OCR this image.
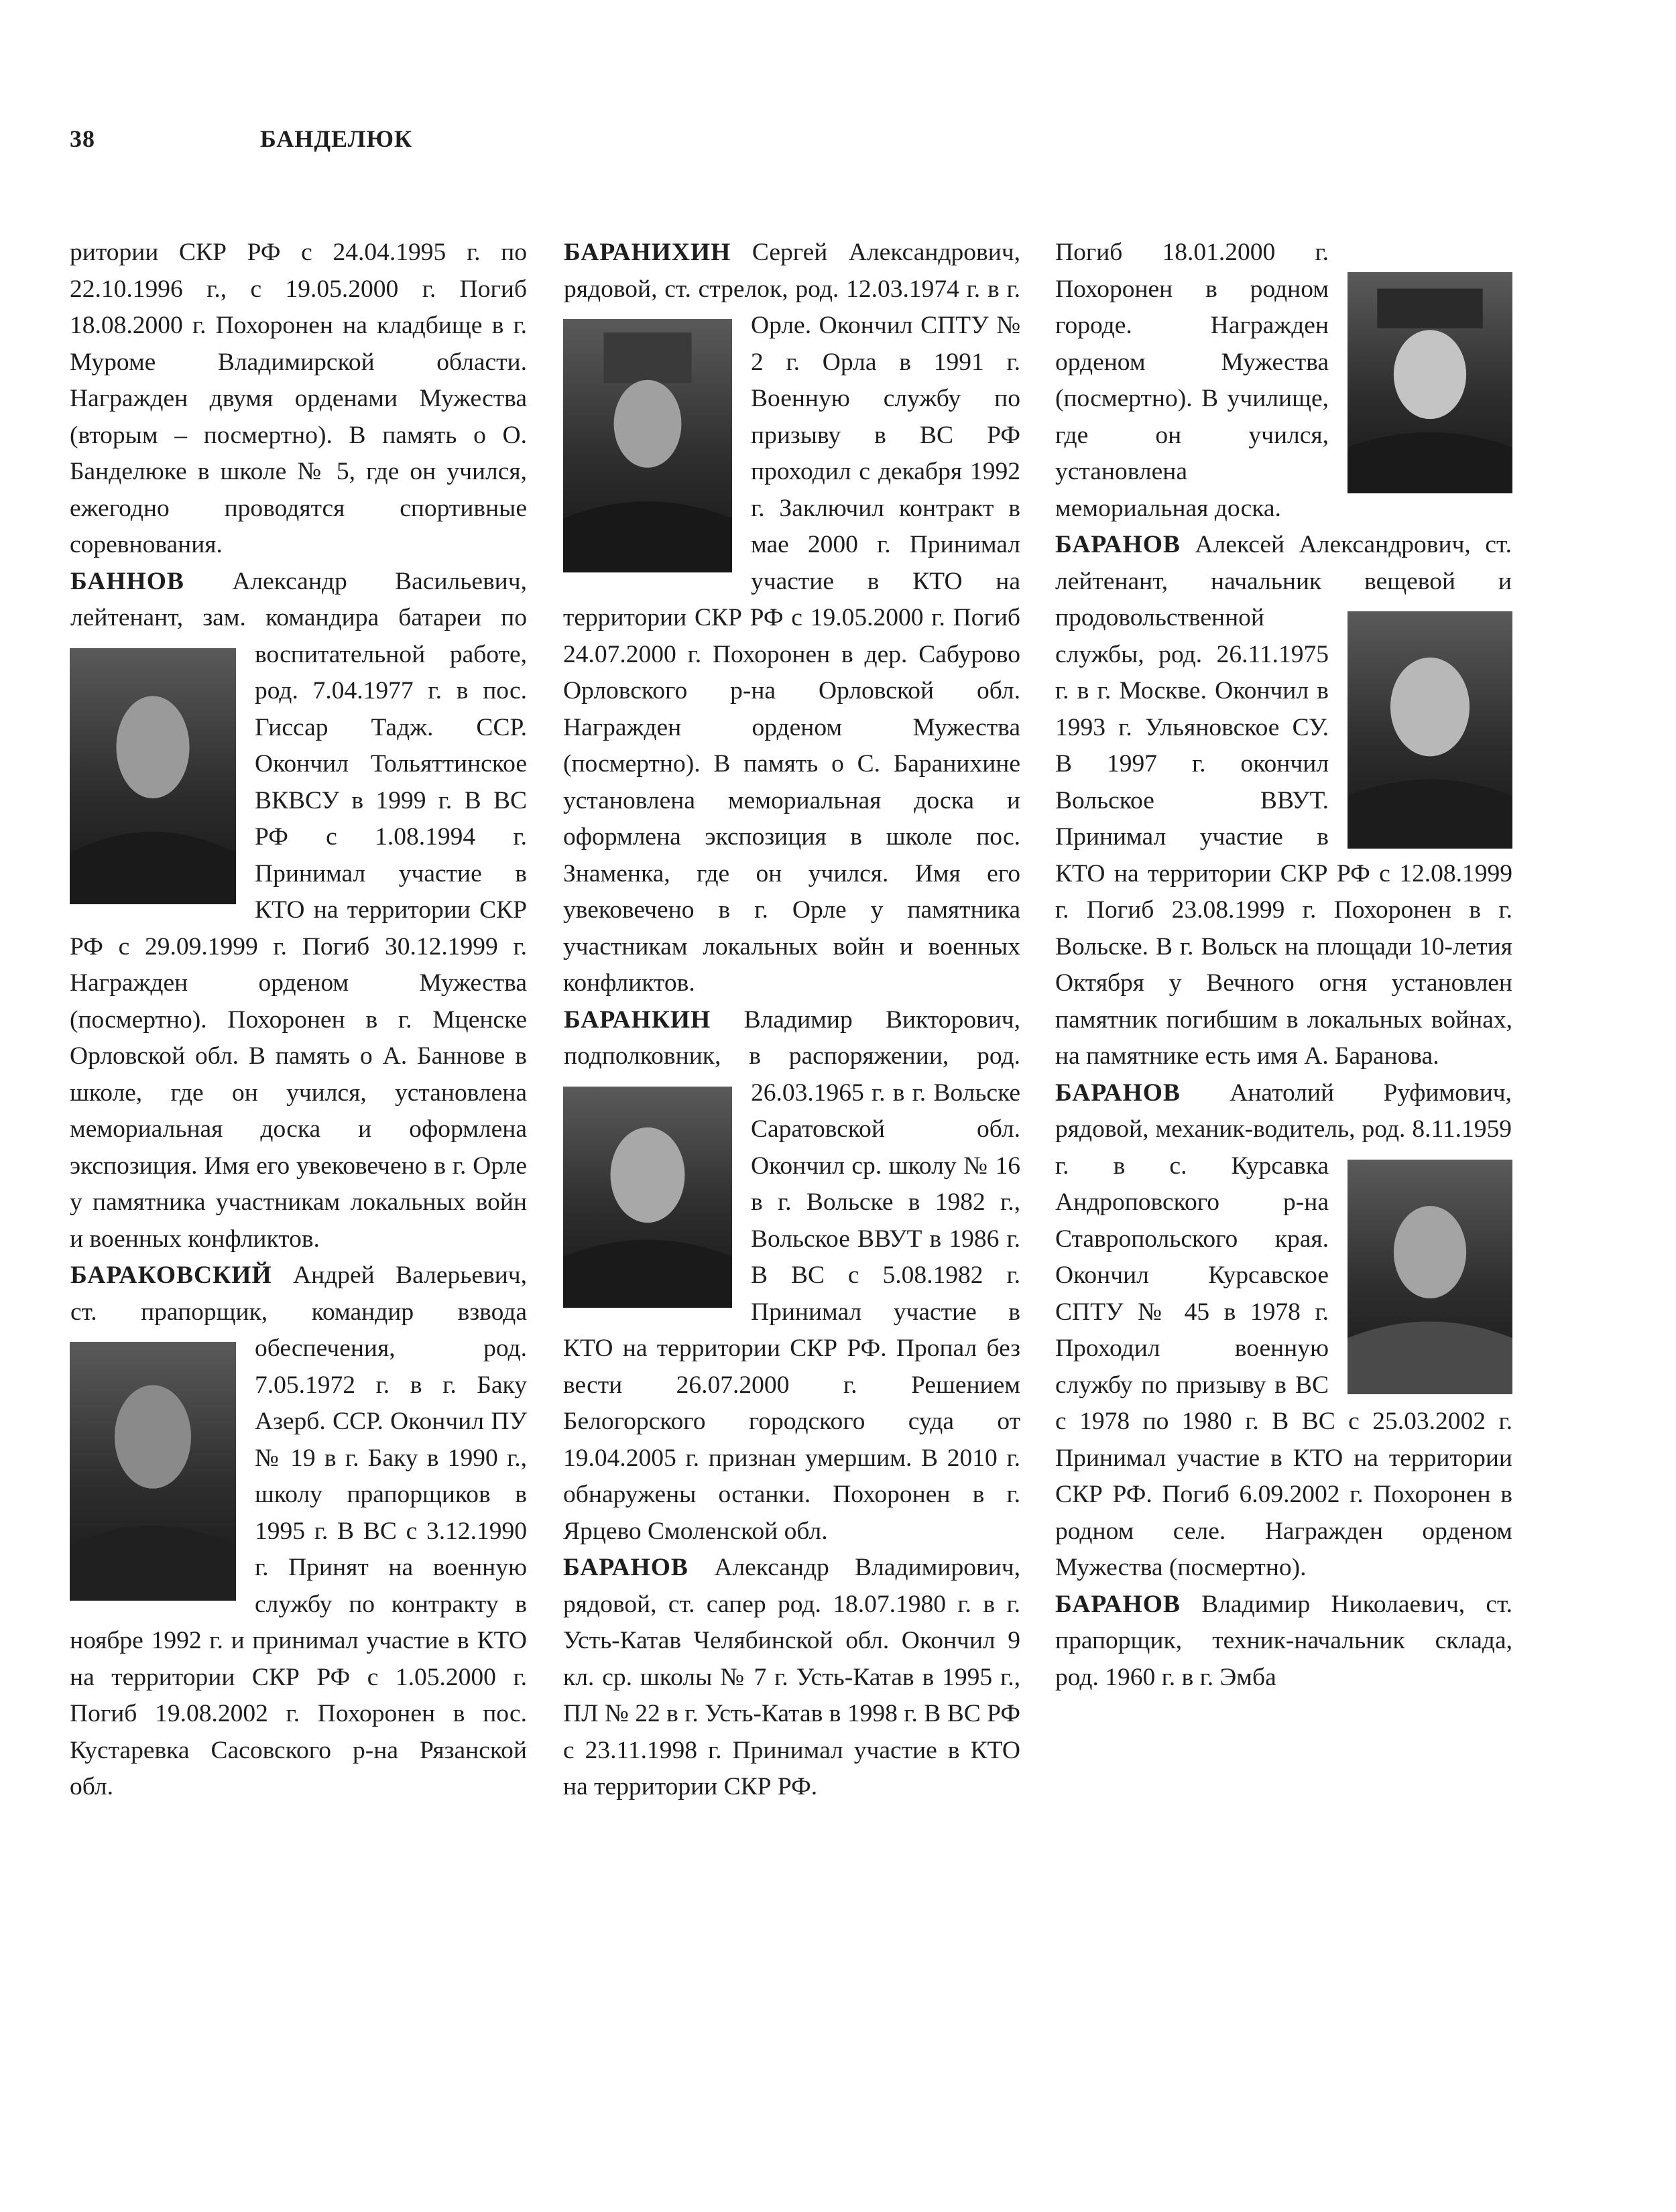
38	БАНДЕЛЮК

ритории СКР РФ с 24.04.1995 г. по 22.10.1996 г., с 19.05.2000 г. Погиб 18.08.2000 г. Похоронен на кладбище в г. Муроме Владимирской области. Награжден двумя орденами Мужества (вторым – посмертно). В память о О. Банделюке в школе № 5, где он учился, ежегодно проводятся спортивные соревнования.

БАННОВ Александр Васильевич, лейтенант, зам. командира батареи по воспитательной работе, род. 7.04.1977 г. в пос. Гиссар Тадж. ССР. Окончил Тольяттинское ВКВСУ в 1999 г. В ВС РФ с 1.08.1994 г. Принимал участие в КТО на территории СКР РФ с 29.09.1999 г. Погиб 30.12.1999 г. Награжден орденом Мужества (посмертно). Похоронен в г. Мценске Орловской обл. В память о А. Баннове в школе, где он учился, установлена мемориальная доска и оформлена экспозиция. Имя его увековечено в г. Орле у памятника участникам локальных войн и военных конфликтов.

БАРАКОВСКИЙ Андрей Валерьевич, ст. прапорщик, командир взвода обеспечения, род. 7.05.1972 г. в г. Баку Азерб. ССР. Окончил ПУ № 19 в г. Баку в 1990 г., школу прапорщиков в 1995 г. В ВС с 3.12.1990 г. Принят на военную службу по контракту в ноябре 1992 г. и принимал участие в КТО на территории СКР РФ с 1.05.2000 г. Погиб 19.08.2002 г. Похоронен в пос. Кустаревка Сасовского р-на Рязанской обл.

БАРАНИХИН Сергей Александрович, рядовой, ст. стрелок, род. 12.03.1974 г. в г. Орле. Окончил СПТУ № 2 г. Орла в 1991 г. Военную службу по призыву в ВС РФ проходил с декабря 1992 г. Заключил контракт в мае 2000 г. Принимал участие в КТО на территории СКР РФ с 19.05.2000 г. Погиб 24.07.2000 г. Похоронен в дер. Сабурово Орловского р-на Орловской обл. Награжден орденом Мужества (посмертно). В память о С. Баранихине установлена мемориальная доска и оформлена экспозиция в школе пос. Знаменка, где он учился. Имя его увековечено в г. Орле у памятника участникам локальных войн и военных конфликтов.

БАРАНКИН Владимир Викторович, подполковник, в распоряжении, род. 26.03.1965 г. в г. Вольске Саратовской обл. Окончил ср. школу № 16 в г. Вольске в 1982 г., Вольское ВВУТ в 1986 г. В ВС с 5.08.1982 г. Принимал участие в КТО на территории СКР РФ. Пропал без вести 26.07.2000 г. Решением Белогорского городского суда от 19.04.2005 г. признан умершим. В 2010 г. обнаружены останки. Похоронен в г. Ярцево Смоленской обл.

БАРАНОВ Александр Владимирович, рядовой, ст. сапер род. 18.07.1980 г. в г. Усть-Катав Челябинской обл. Окончил 9 кл. ср. школы № 7 г. Усть-Катав в 1995 г., ПЛ № 22 в г. Усть-Катав в 1998 г. В ВС РФ с 23.11.1998 г. Принимал участие в КТО на территории СКР РФ.

Погиб 18.01.2000 г. Похоронен в родном городе. Награжден орденом Мужества (посмертно). В училище, где он учился, установлена мемориальная доска.

БАРАНОВ Алексей Александрович, ст. лейтенант, начальник вещевой и продовольственной службы, род. 26.11.1975 г. в г. Москве. Окончил в 1993 г. Ульяновское СУ. В 1997 г. окончил Вольское ВВУТ. Принимал участие в КТО на территории СКР РФ с 12.08.1999 г. Погиб 23.08.1999 г. Похоронен в г. Вольске. В г. Вольск на площади 10-летия Октября у Вечного огня установлен памятник погибшим в локальных войнах, на памятнике есть имя А. Баранова.

БАРАНОВ Анатолий Руфимович, рядовой, механик-водитель, род. 8.11.1959 г. в с. Курсавка Андроповского р-на Ставропольского края. Окончил Курсавское СПТУ № 45 в 1978 г. Проходил военную службу по призыву в ВС с 1978 по 1980 г. В ВС с 25.03.2002 г. Принимал участие в КТО на территории СКР РФ. Погиб 6.09.2002 г. Похоронен в родном селе. Награжден орденом Мужества (посмертно).

БАРАНОВ Владимир Николаевич, ст. прапорщик, техник-начальник склада, род. 1960 г. в г. Эмба
